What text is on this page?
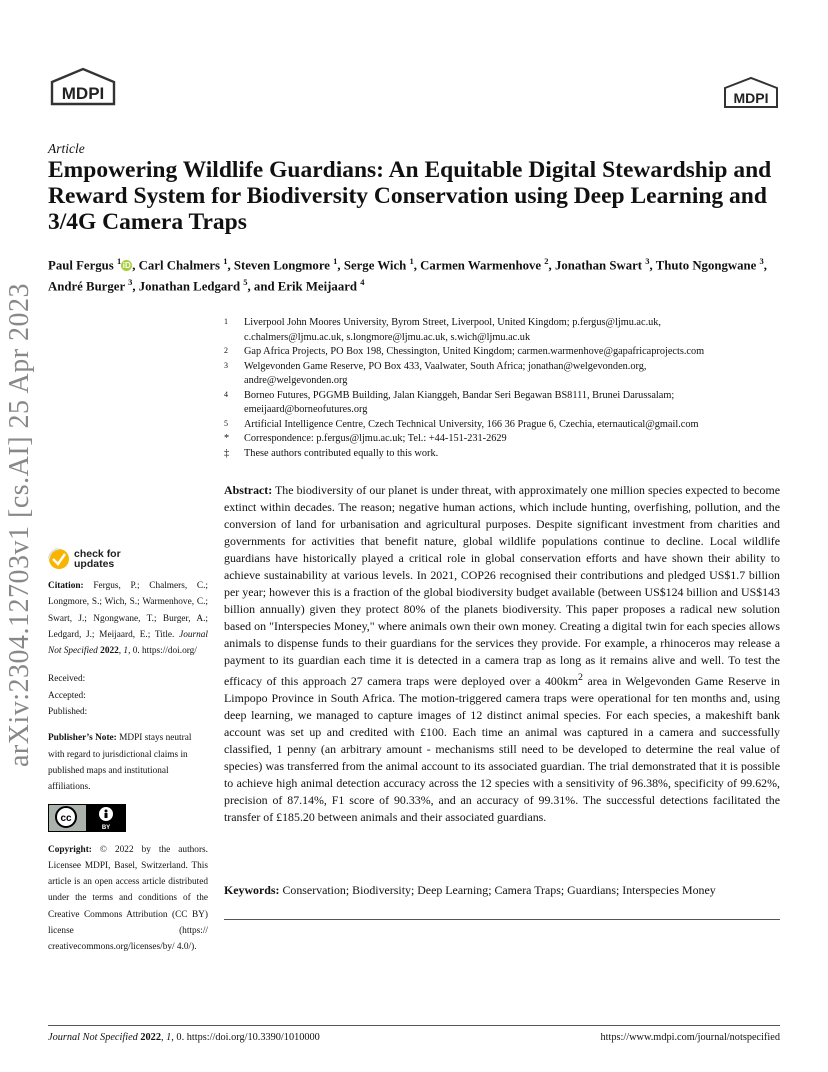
MDPI	MDPI
arXiv:2304.12703v1 [cs.AI] 25 Apr 2023
Article
Empowering Wildlife Guardians: An Equitable Digital Stewardship and Reward System for Biodiversity Conservation using Deep Learning and 3/4G Camera Traps
Paul Fergus $^1$ iD , Carl Chalmers $^1$, Steven Longmore $^1$, Serge Wich $^1$, Carmen Warmenhove $^2$, Jonathan Swart $^3$, Thuto Ngongwane $^3$, André Burger $^3$, Jonathan Ledgard $^5$, and Erik Meijaard $^4$
1	Liverpool John Moores University, Byrom Street, Liverpool, United Kingdom; p.fergus@ljmu.ac.uk,
c.chalmers@ljmu.ac.uk, s.longmore@ljmu.ac.uk, s.wich@ljmu.ac.uk
2	Gap Africa Projects, PO Box 198, Chessington, United Kingdom; carmen.warmenhove@gapafricaprojects.com
3	Welgevonden Game Reserve, PO Box 433, Vaalwater, South Africa; jonathan@welgevonden.org,
andre@welgevonden.org
4	Borneo Futures, PGGMB Building, Jalan Kianggeh, Bandar Seri Begawan BS8111, Brunei Darussalam;
emeijaard@borneofutures.org
5	Artificial Intelligence Centre, Czech Technical University, 166 36 Prague 6, Czechia, eternautical@gmail.com
*	Correspondence: p.fergus@ljmu.ac.uk; Tel.: +44-151-231-2629
‡	These authors contributed equally to this work.
check for
updates
Citation: Fergus, P.; Chalmers, C.; Longmore, S.; Wich, S.; Warmenhove, C.; Swart, J.; Ngongwane, T.; Burger, A.; Ledgard, J.; Meijaard, E.; Title. Journal Not Specified 2022, 1, 0. https://doi.org/
Received:
Accepted:
Published:
Publisher’s Note: MDPI stays neutral with regard to jurisdictional claims in published maps and institutional affiliations.
cc
BY
Copyright: © 2022 by the authors. Licensee MDPI, Basel, Switzerland. This article is an open access article distributed under the terms and conditions of the Creative Commons Attribution (CC BY) license (https:// creativecommons.org/licenses/by/ 4.0/).
Abstract: The biodiversity of our planet is under threat, with approximately one million species expected to become extinct within decades. The reason; negative human actions, which include hunting, overfishing, pollution, and the conversion of land for urbanisation and agricultural purposes. Despite significant investment from charities and governments for activities that benefit nature, global wildlife populations continue to decline. Local wildlife guardians have historically played a critical role in global conservation efforts and have shown their ability to achieve sustainability at various levels. In 2021, COP26 recognised their contributions and pledged US$1.7 billion per year; however this is a fraction of the global biodiversity budget available (between US$124 billion and US$143 billion annually) given they protect 80% of the planets biodiversity. This paper proposes a radical new solution based on "Interspecies Money," where animals own their own money. Creating a digital twin for each species allows animals to dispense funds to their guardians for the services they provide. For example, a rhinoceros may release a payment to its guardian each time it is detected in a camera trap as long as it remains alive and well. To test the efficacy of this approach 27 camera traps were deployed over a $400km^2$ area in Welgevonden Game Reserve in Limpopo Province in South Africa. The motion-triggered camera traps were operational for ten months and, using deep learning, we managed to capture images of 12 distinct animal species. For each species, a makeshift bank account was set up and credited with £100. Each time an animal was captured in a camera and successfully classified, 1 penny (an arbitrary amount - mechanisms still need to be developed to determine the real value of species) was transferred from the animal account to its associated guardian. The trial demonstrated that it is possible to achieve high animal detection accuracy across the 12 species with a sensitivity of 96.38%, specificity of 99.62%, precision of 87.14%, F1 score of 90.33%, and an accuracy of 99.31%. The successful detections facilitated the transfer of £185.20 between animals and their associated guardians.
Keywords: Conservation; Biodiversity; Deep Learning; Camera Traps; Guardians; Interspecies Money
Journal Not Specified 2022, 1, 0. https://doi.org/10.3390/1010000	https://www.mdpi.com/journal/notspecified
